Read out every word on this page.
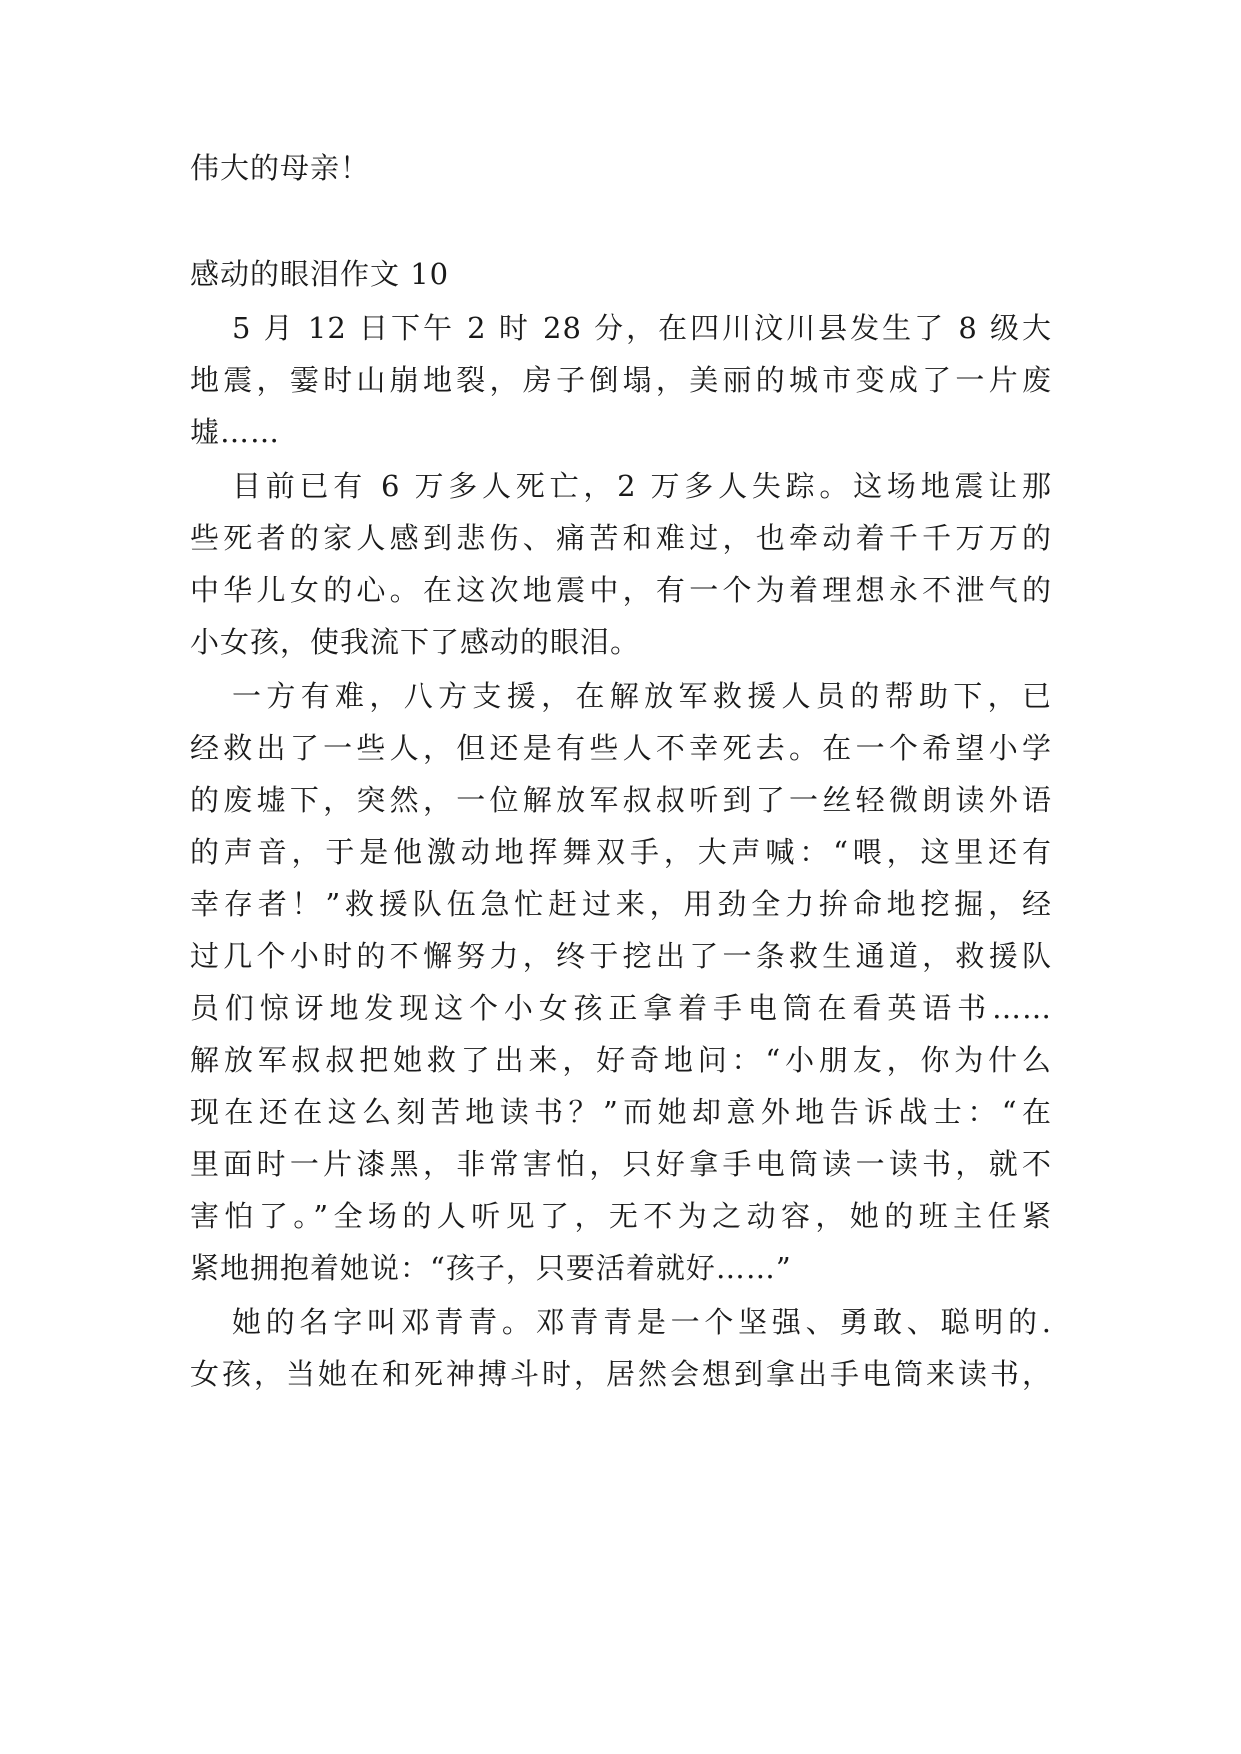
伟大的母亲！
感动的眼泪作文 10
5 月 12 日下午 2 时 28 分，在四川汶川县发生了 8 级大
地震，霎时山崩地裂，房子倒塌，美丽的城市变成了一片废
墟……
目前已有 6 万多人死亡，2 万多人失踪。这场地震让那
些死者的家人感到悲伤、痛苦和难过，也牵动着千千万万的
中华儿女的心。在这次地震中，有一个为着理想永不泄气的
小女孩，使我流下了感动的眼泪。
一方有难，八方支援，在解放军救援人员的帮助下，已
经救出了一些人，但还是有些人不幸死去。在一个希望小学
的废墟下，突然，一位解放军叔叔听到了一丝轻微朗读外语
的声音，于是他激动地挥舞双手，大声喊：“喂，这里还有
幸存者！”救援队伍急忙赶过来，用劲全力拚命地挖掘，经
过几个小时的不懈努力，终于挖出了一条救生通道，救援队
员们惊讶地发现这个小女孩正拿着手电筒在看英语书……
解放军叔叔把她救了出来，好奇地问：“小朋友，你为什么
现在还在这么刻苦地读书？”而她却意外地告诉战士：“在
里面时一片漆黑，非常害怕，只好拿手电筒读一读书，就不
害怕了。”全场的人听见了，无不为之动容，她的班主任紧
紧地拥抱着她说：“孩子，只要活着就好……”
她的名字叫邓青青。邓青青是一个坚强、勇敢、聪明的.
女孩，当她在和死神搏斗时，居然会想到拿出手电筒来读书，
